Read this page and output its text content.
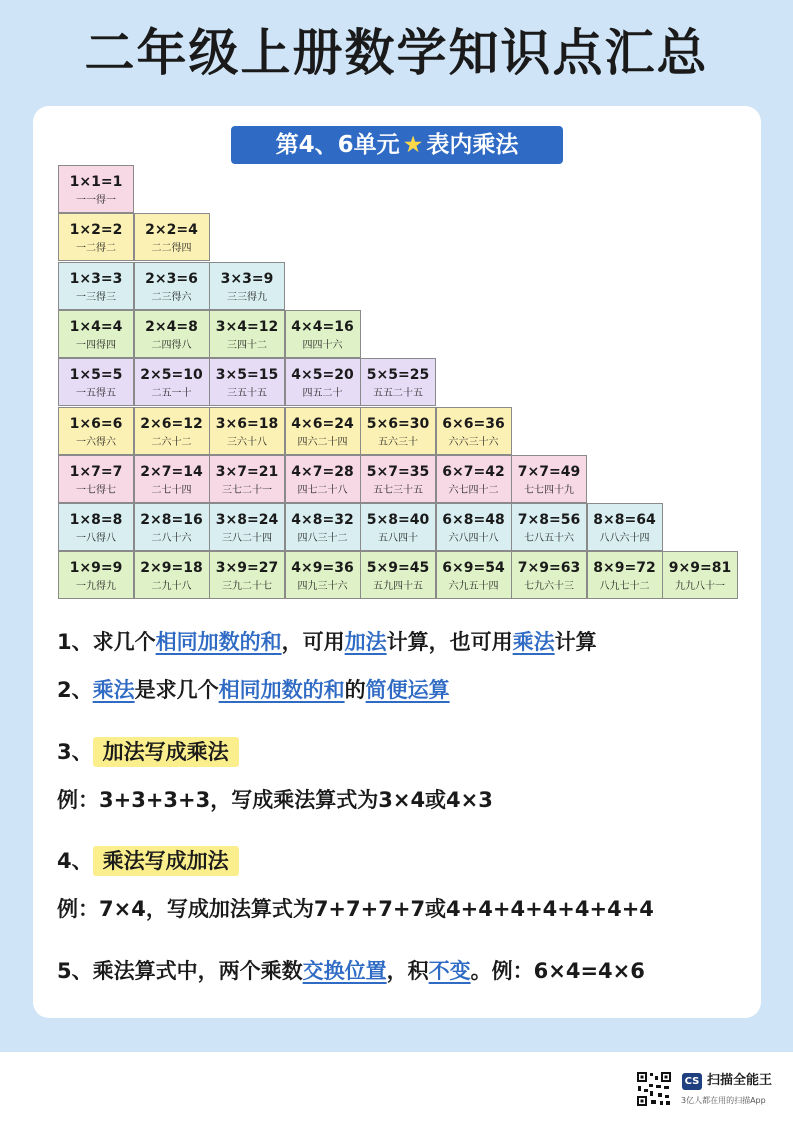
二年级上册数学知识点汇总
第4、6单元 ★ 表内乘法
1×1=1
一一得一
1×2=2
一二得二
2×2=4
二二得四
1×3=3
一三得三
2×3=6
二三得六
3×3=9
三三得九
1×4=4
一四得四
2×4=8
二四得八
3×4=12
三四十二
4×4=16
四四十六
1×5=5
一五得五
2×5=10
二五一十
3×5=15
三五十五
4×5=20
四五二十
5×5=25
五五二十五
1×6=6
一六得六
2×6=12
二六十二
3×6=18
三六十八
4×6=24
四六二十四
5×6=30
五六三十
6×6=36
六六三十六
1×7=7
一七得七
2×7=14
二七十四
3×7=21
三七二十一
4×7=28
四七二十八
5×7=35
五七三十五
6×7=42
六七四十二
7×7=49
七七四十九
1×8=8
一八得八
2×8=16
二八十六
3×8=24
三八二十四
4×8=32
四八三十二
5×8=40
五八四十
6×8=48
六八四十八
7×8=56
七八五十六
8×8=64
八八六十四
1×9=9
一九得九
2×9=18
二九十八
3×9=27
三九二十七
4×9=36
四九三十六
5×9=45
五九四十五
6×9=54
六九五十四
7×9=63
七九六十三
8×9=72
八九七十二
9×9=81
九九八十一
1、求几个相同加数的和，可用加法计算，也可用乘法计算
2、乘法是求几个相同加数的和的简便运算
3、 加法写成乘法
例：3+3+3+3，写成乘法算式为3×4或4×3
4、 乘法写成加法
例：7×4，写成加法算式为7+7+7+7或4+4+4+4+4+4+4
5、乘法算式中，两个乘数交换位置，积不变。例：6×4=4×6
CS 扫描全能王
3亿人都在用的扫描App
